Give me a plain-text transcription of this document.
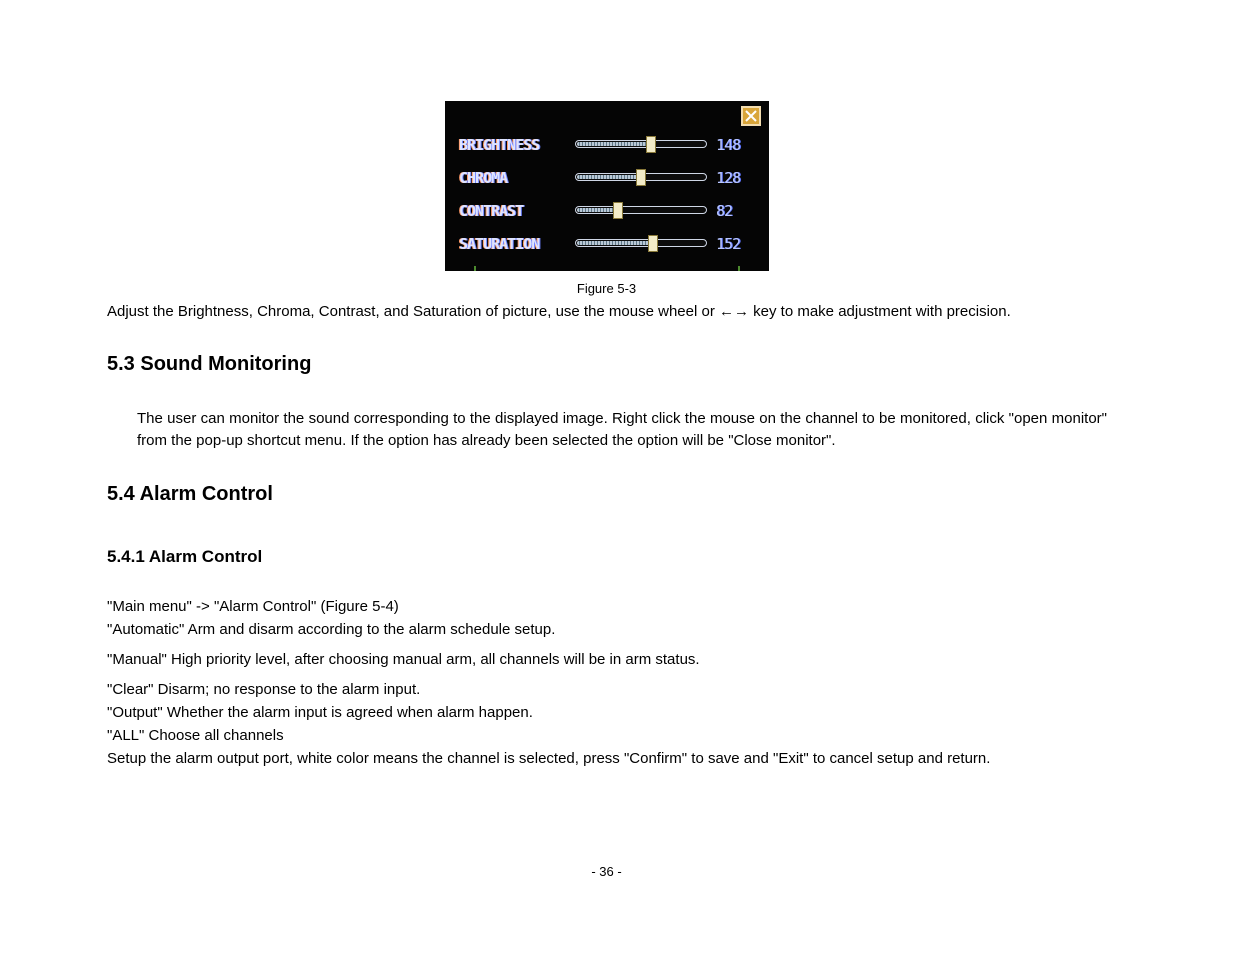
BRIGHTNESS	148
CHROMA	128
CONTRAST	82
SATURATION	152
Figure 5-3
Adjust the Brightness, Chroma, Contrast, and Saturation of picture, use the mouse wheel or ←→ key to make adjustment with precision.
5.3 Sound Monitoring
The user can monitor the sound corresponding to the displayed image. Right click the mouse on the channel to be monitored, click "open monitor" from the pop-up shortcut menu. If the option has already been selected the option will be "Close monitor".
5.4 Alarm Control
5.4.1 Alarm Control
"Main menu" -> "Alarm Control" (Figure 5-4)
"Automatic" Arm and disarm according to the alarm schedule setup.
"Manual" High priority level, after choosing manual arm, all channels will be in arm status.
"Clear" Disarm; no response to the alarm input.
"Output" Whether the alarm input is agreed when alarm happen.
"ALL" Choose all channels
Setup the alarm output port, white color means the channel is selected, press "Confirm" to save and "Exit" to cancel setup and return.
- 36 -
